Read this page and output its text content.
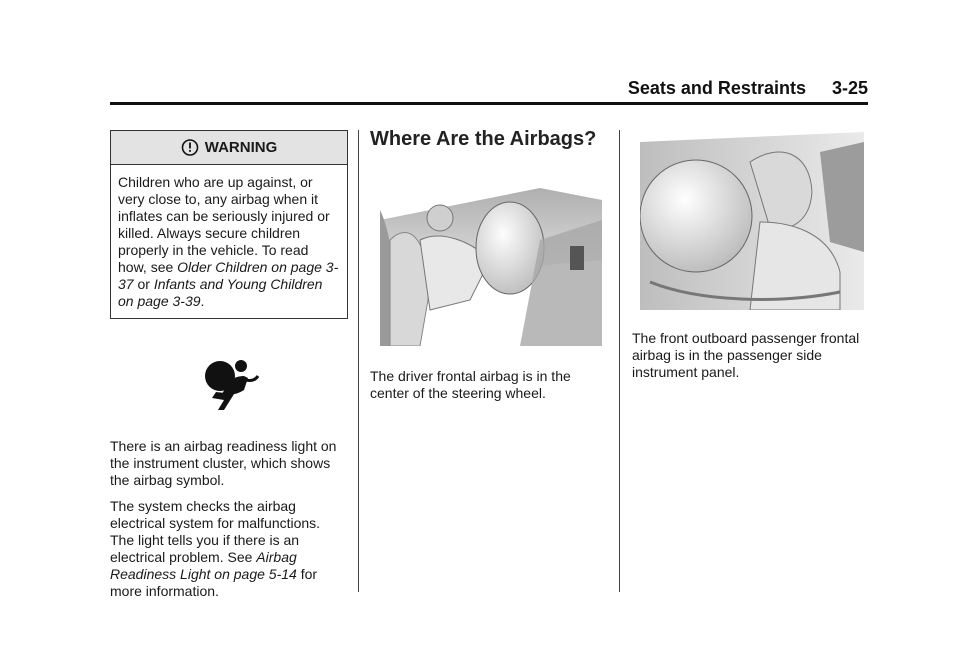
Seats and Restraints 3-25
WARNING
Children who are up against, or very close to, any airbag when it inflates can be seriously injured or killed. Always secure children properly in the vehicle. To read how, see Older Children on page 3-37 or Infants and Young Children on page 3-39.

There is an airbag readiness light on the instrument cluster, which shows the airbag symbol.

The system checks the airbag electrical system for malfunctions. The light tells you if there is an electrical problem. See Airbag Readiness Light on page 5-14 for more information.

Where Are the Airbags?

The driver frontal airbag is in the center of the steering wheel.

The front outboard passenger frontal airbag is in the passenger side instrument panel.
